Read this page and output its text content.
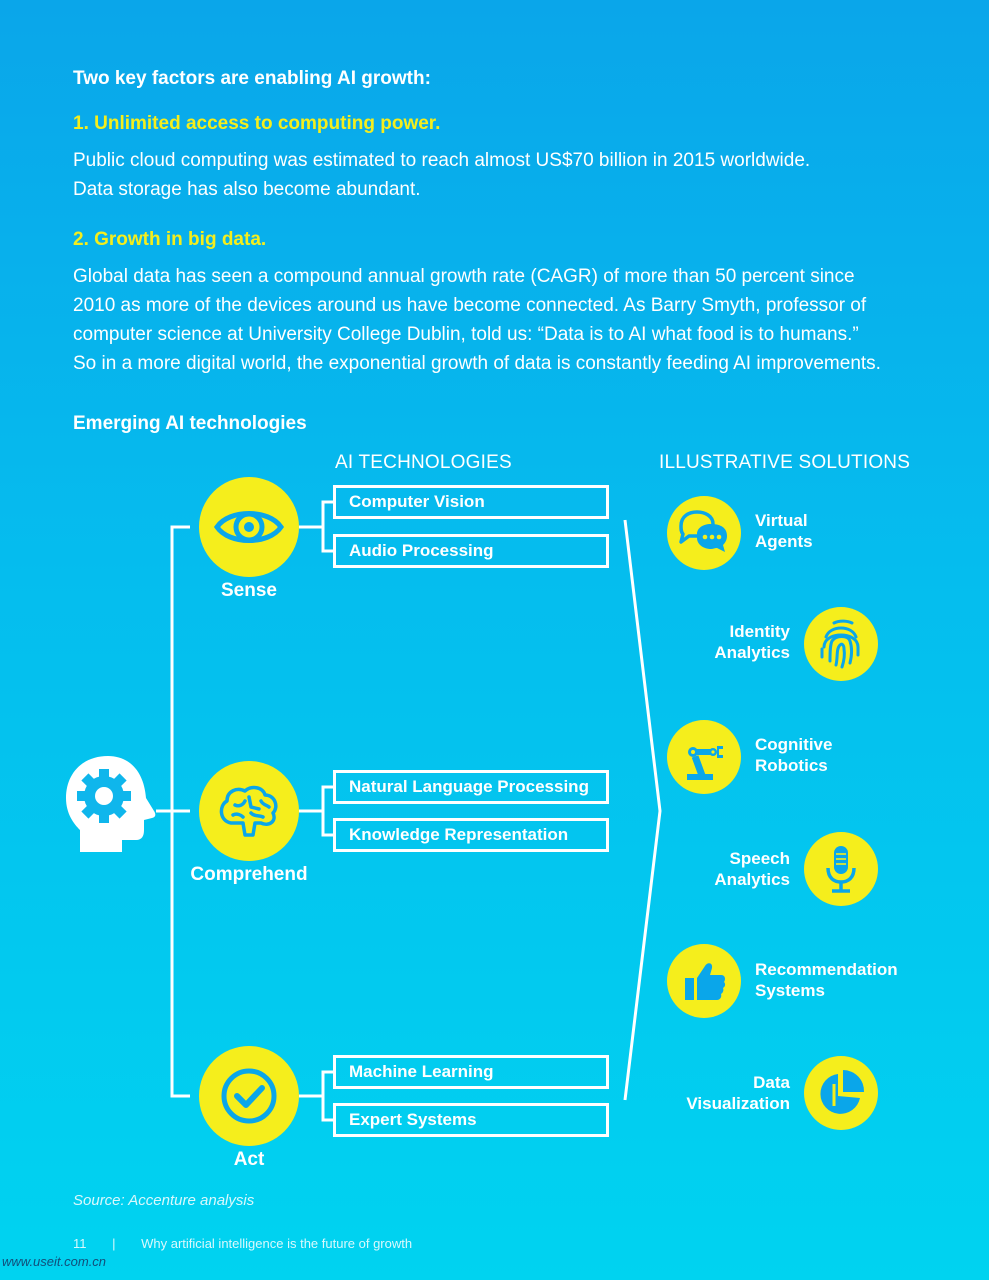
Two key factors are enabling AI growth:
1. Unlimited access to computing power.
Public cloud computing was estimated to reach almost US$70 billion in 2015 worldwide.
Data storage has also become abundant.
2. Growth in big data.
Global data has seen a compound annual growth rate (CAGR) of more than 50 percent since
2010 as more of the devices around us have become connected. As Barry Smyth, professor of
computer science at University College Dublin, told us: “Data is to AI what food is to humans.”
So in a more digital world, the exponential growth of data is constantly feeding AI improvements.
Emerging AI technologies
AI TECHNOLOGIES	ILLUSTRATIVE SOLUTIONS
Sense
Computer Vision
Audio Processing
Comprehend
Natural Language Processing
Knowledge Representation
Act
Machine Learning
Expert Systems
Virtual
Agents
Identity
Analytics
Cognitive
Robotics
Speech
Analytics
Recommendation
Systems
Data
Visualization
Source: Accenture analysis
11 | Why artificial intelligence is the future of growth
www.useit.com.cn
